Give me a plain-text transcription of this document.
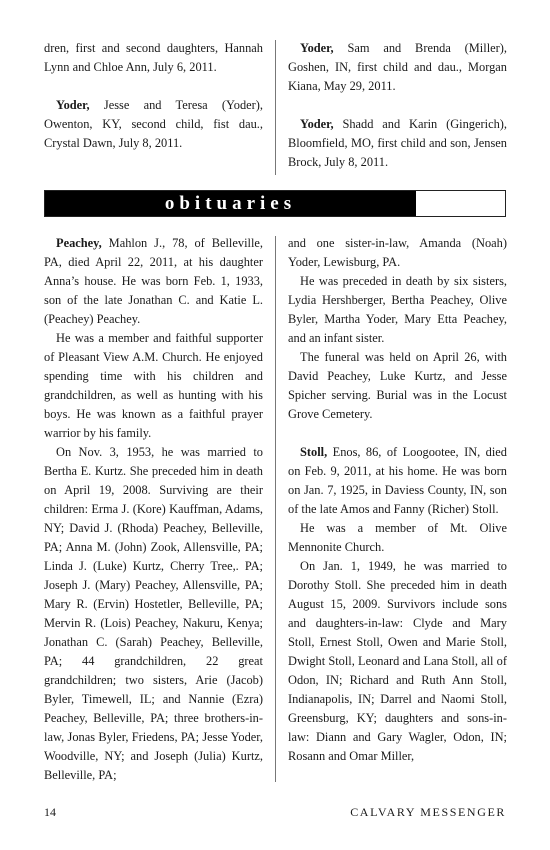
dren, first and second daughters, Hannah Lynn and Chloe Ann, July 6, 2011.

Yoder, Jesse and Teresa (Yoder), Owenton, KY, second child, fist dau., Crystal Dawn, July 8, 2011.

Yoder, Sam and Brenda (Miller), Goshen, IN, first child and dau., Morgan Kiana, May 29, 2011.

Yoder, Shadd and Karin (Gingerich), Bloomfield, MO, first child and son, Jensen Brock, July 8, 2011.

obituaries

Peachey, Mahlon J., 78, of Belleville, PA, died April 22, 2011, at his daughter Anna’s house. He was born Feb. 1, 1933, son of the late Jonathan C. and Katie L. (Peachey) Peachey.

He was a member and faithful supporter of Pleasant View A.M. Church. He enjoyed spending time with his children and grandchildren, as well as hunting with his boys. He was known as a faithful prayer warrior by his family.

On Nov. 3, 1953, he was married to Bertha E. Kurtz. She preceded him in death on April 19, 2008. Surviving are their children: Erma J. (Kore) Kauffman, Adams, NY; David J. (Rhoda) Peachey, Belleville, PA; Anna M. (John) Zook, Allensville, PA; Linda J. (Luke) Kurtz, Cherry Tree,. PA; Joseph J. (Mary) Peachey, Allensville, PA; Mary R. (Ervin) Hostetler, Belleville, PA; Mervin R. (Lois) Peachey, Nakuru, Kenya; Jonathan C. (Sarah) Peachey, Belleville, PA; 44 grandchildren, 22 great grandchildren; two sisters, Arie (Jacob) Byler, Timewell, IL; and Nannie (Ezra) Peachey, Belleville, PA; three brothers-in-law, Jonas Byler, Friedens, PA; Jesse Yoder, Woodville, NY; and Joseph (Julia) Kurtz, Belleville, PA;

and one sister-in-law, Amanda (Noah) Yoder, Lewisburg, PA.

He was preceded in death by six sisters, Lydia Hershberger, Bertha Peachey, Olive Byler, Martha Yoder, Mary Etta Peachey, and an infant sister.

The funeral was held on April 26, with David Peachey, Luke Kurtz, and Jesse Spicher serving. Burial was in the Locust Grove Cemetery.

Stoll, Enos, 86, of Loogootee, IN, died on Feb. 9, 2011, at his home. He was born on Jan. 7, 1925, in Daviess County, IN, son of the late Amos and Fanny (Richer) Stoll.

He was a member of Mt. Olive Mennonite Church.

On Jan. 1, 1949, he was married to Dorothy Stoll. She preceded him in death August 15, 2009. Survivors include sons and daughters-in-law: Clyde and Mary Stoll, Ernest Stoll, Owen and Marie Stoll, Dwight Stoll, Leonard and Lana Stoll, all of Odon, IN; Richard and Ruth Ann Stoll, Indianapolis, IN; Darrel and Naomi Stoll, Greensburg, KY; daughters and sons-in-law: Diann and Gary Wagler, Odon, IN; Rosann and Omar Miller,

14	CALVARY MESSENGER
